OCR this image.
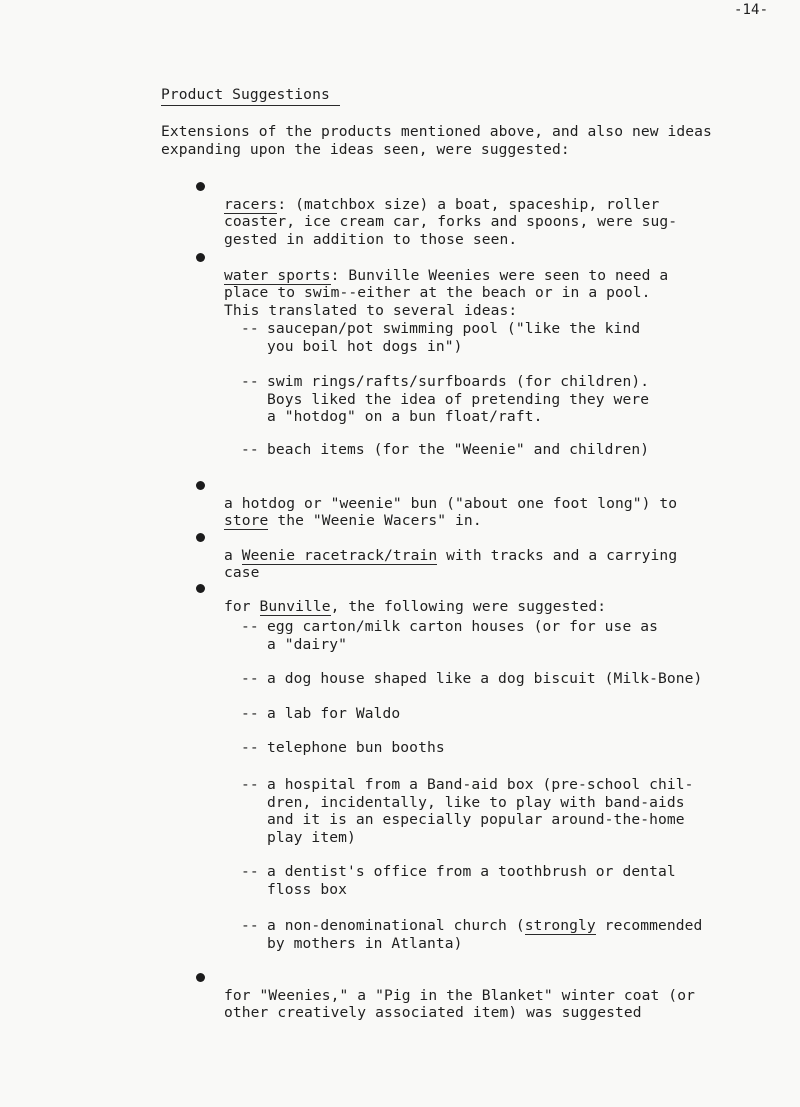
-14-
Product Suggestions
Extensions of the products mentioned above, and also new ideas
expanding upon the ideas seen, were suggested:

racers: (matchbox size) a boat, spaceship, roller
coaster, ice cream car, forks and spoons, were sug-
gested in addition to those seen.

water sports: Bunville Weenies were seen to need a
place to swim--either at the beach or in a pool.
This translated to several ideas:

-- saucepan/pot swimming pool ("like the kind
you boil hot dogs in")
-- swim rings/rafts/surfboards (for children).
Boys liked the idea of pretending they were
a "hotdog" on a bun float/raft.
-- beach items (for the "Weenie" and children)

a hotdog or "weenie" bun ("about one foot long") to
store the "Weenie Wacers" in.

a Weenie racetrack/train with tracks and a carrying
case

for Bunville, the following were suggested:

-- egg carton/milk carton houses (or for use as
a "dairy"
-- a dog house shaped like a dog biscuit (Milk-Bone)
-- a lab for Waldo
-- telephone bun booths
-- a hospital from a Band-aid box (pre-school chil-
dren, incidentally, like to play with band-aids
and it is an especially popular around-the-home
play item)
-- a dentist's office from a toothbrush or dental
floss box
-- a non-denominational church (strongly recommended
by mothers in Atlanta)

for "Weenies," a "Pig in the Blanket" winter coat (or
other creatively associated item) was suggested
